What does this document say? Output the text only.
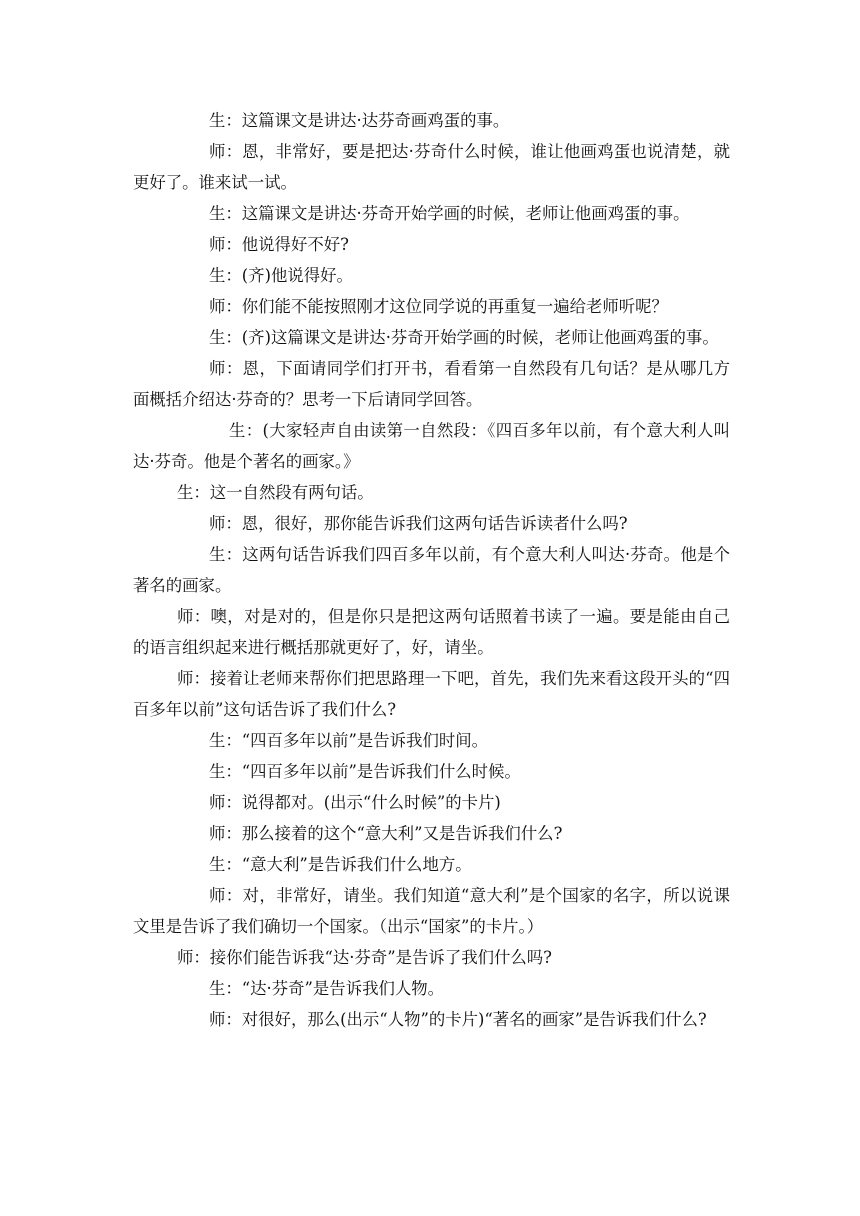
生：这篇课文是讲达·达芬奇画鸡蛋的事。

师：恩，非常好，要是把达·芬奇什么时候，谁让他画鸡蛋也说清楚，就更好了。谁来试一试。

生：这篇课文是讲达·芬奇开始学画的时候，老师让他画鸡蛋的事。

师：他说得好不好?

生：(齐)他说得好。

师：你们能不能按照刚才这位同学说的再重复一遍给老师听呢？

生：(齐)这篇课文是讲达·芬奇开始学画的时候，老师让他画鸡蛋的事。

师：恩，下面请同学们打开书，看看第一自然段有几句话？是从哪几方面概括介绍达·芬奇的？思考一下后请同学回答。

生：(大家轻声自由读第一自然段：《四百多年以前，有个意大利人叫达·芬奇。他是个著名的画家。》

生：这一自然段有两句话。

师：恩，很好，那你能告诉我们这两句话告诉读者什么吗?

生：这两句话告诉我们四百多年以前，有个意大利人叫达·芬奇。他是个著名的画家。

师：噢，对是对的，但是你只是把这两句话照着书读了一遍。要是能由自己的语言组织起来进行概括那就更好了，好，请坐。

师：接着让老师来帮你们把思路理一下吧，首先，我们先来看这段开头的“四百多年以前”这句话告诉了我们什么?

生：“四百多年以前”是告诉我们时间。

生：“四百多年以前”是告诉我们什么时候。

师：说得都对。(出示“什么时候”的卡片)

师：那么接着的这个“意大利”又是告诉我们什么?

生：“意大利”是告诉我们什么地方。

师：对，非常好，请坐。我们知道“意大利”是个国家的名字，所以说课文里是告诉了我们确切一个国家。（出示“国家”的卡片。）

师：接你们能告诉我“达·芬奇”是告诉了我们什么吗?

生：“达·芬奇”是告诉我们人物。

师：对很好，那么(出示“人物”的卡片)“著名的画家”是告诉我们什么?
